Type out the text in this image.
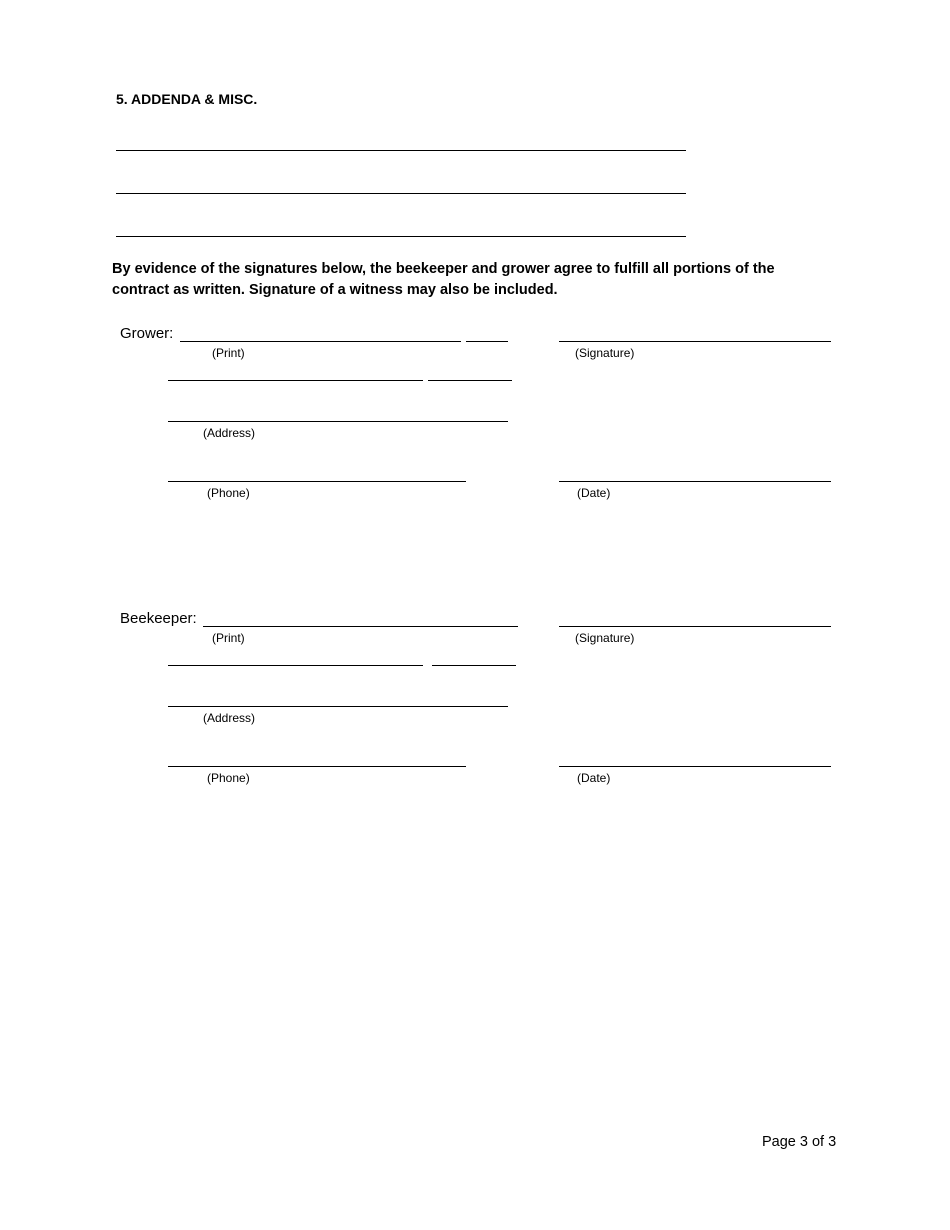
5. ADDENDA & MISC.
By evidence of the signatures below, the beekeeper and grower agree to fulfill all portions of the contract as written. Signature of a witness may also be included.
Grower:
(Print)	(Signature)
(Address)
(Phone)	(Date)
Beekeeper:
(Print)	(Signature)
(Address)
(Phone)	(Date)
Page 3 of 3
